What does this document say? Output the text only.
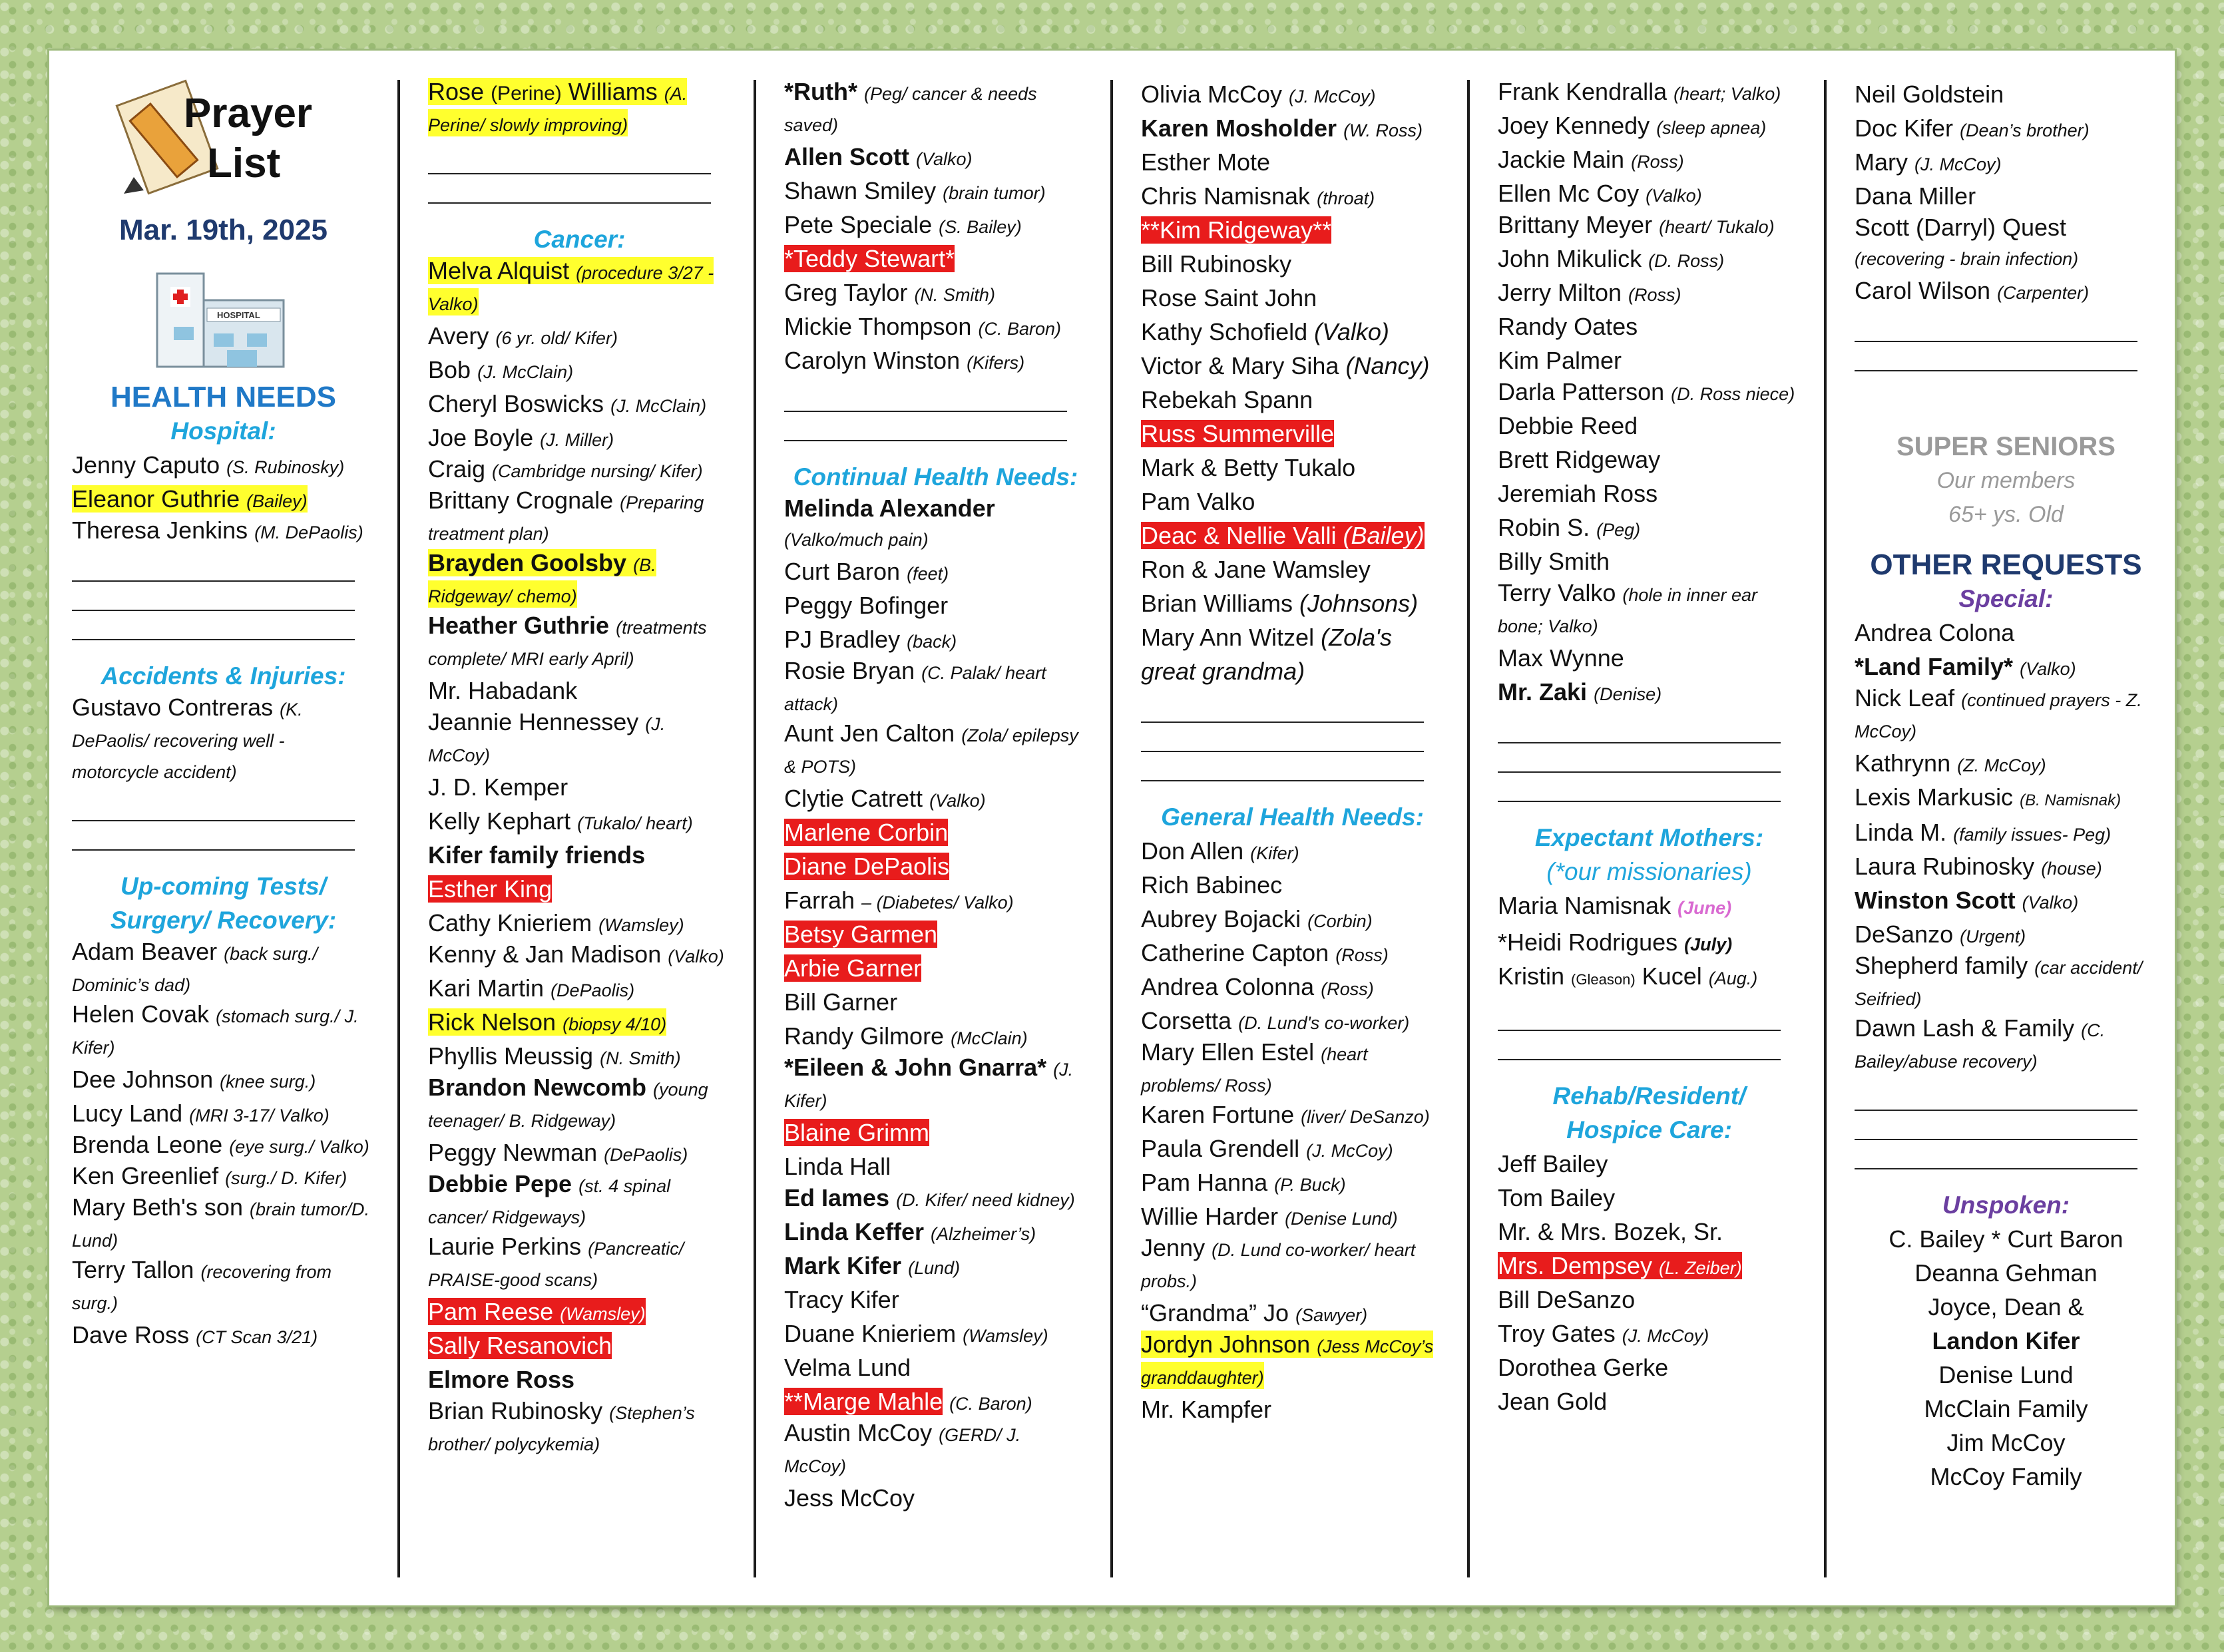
Prayer
List
Mar. 19th, 2025
HOSPITAL
HEALTH NEEDS
Hospital:
Jenny Caputo (S. Rubinosky)
Eleanor Guthrie (Bailey)
Theresa Jenkins (M. DePaolis)
Accidents & Injuries:
Gustavo Contreras (K. DePaolis/ recovering well - motorcycle accident)
Up-coming Tests/
Surgery/ Recovery:
Adam Beaver (back surg./ Dominic’s dad)
Helen Covak (stomach surg./ J. Kifer)
Dee Johnson (knee surg.)
Lucy Land (MRI 3-17/ Valko)
Brenda Leone (eye surg./ Valko)
Ken Greenlief (surg./ D. Kifer)
Mary Beth's son (brain tumor/D. Lund)
Terry Tallon (recovering from surg.)
Dave Ross (CT Scan 3/21)
Rose (Perine) Williams (A. Perine/ slowly improving)
Cancer:
Melva Alquist (procedure 3/27 - Valko)
Avery (6 yr. old/ Kifer)
Bob (J. McClain)
Cheryl Boswicks (J. McClain)
Joe Boyle (J. Miller)
Craig (Cambridge nursing/ Kifer)
Brittany Crognale (Preparing treatment plan)
Brayden Goolsby (B. Ridgeway/ chemo)
Heather Guthrie (treatments complete/ MRI early April)
Mr. Habadank
Jeannie Hennessey (J. McCoy)
J. D. Kemper
Kelly Kephart (Tukalo/ heart)
Kifer family friends
Esther King
Cathy Knieriem (Wamsley)
Kenny & Jan Madison (Valko)
Kari Martin (DePaolis)
Rick Nelson (biopsy 4/10)
Phyllis Meussig (N. Smith)
Brandon Newcomb (young teenager/ B. Ridgeway)
Peggy Newman (DePaolis)
Debbie Pepe (st. 4 spinal cancer/ Ridgeways)
Laurie Perkins (Pancreatic/ PRAISE-good scans)
Pam Reese (Wamsley)
Sally Resanovich
Elmore Ross
Brian Rubinosky (Stephen’s brother/ polycykemia)
*Ruth* (Peg/ cancer & needs saved)
Allen Scott (Valko)
Shawn Smiley (brain tumor)
Pete Speciale (S. Bailey)
*Teddy Stewart*
Greg Taylor (N. Smith)
Mickie Thompson (C. Baron)
Carolyn Winston (Kifers)
Continual Health Needs:
Melinda Alexander (Valko/much pain)
Curt Baron (feet)
Peggy Bofinger
PJ Bradley (back)
Rosie Bryan (C. Palak/ heart attack)
Aunt Jen Calton (Zola/ epilepsy & POTS)
Clytie Catrett (Valko)
Marlene Corbin
Diane DePaolis
Farrah – (Diabetes/ Valko)
Betsy Garmen
Arbie Garner
Bill Garner
Randy Gilmore (McClain)
*Eileen & John Gnarra* (J. Kifer)
Blaine Grimm
Linda Hall
Ed Iames (D. Kifer/ need kidney)
Linda Keffer (Alzheimer’s)
Mark Kifer (Lund)
Tracy Kifer
Duane Knieriem (Wamsley)
Velma Lund
**Marge Mahle (C. Baron)
Austin McCoy (GERD/ J. McCoy)
Jess McCoy
Olivia McCoy (J. McCoy)
Karen Mosholder (W. Ross)
Esther Mote
Chris Namisnak (throat)
**Kim Ridgeway**
Bill Rubinosky
Rose Saint John
Kathy Schofield (Valko)
Victor & Mary Siha (Nancy)
Rebekah Spann
Russ Summerville
Mark & Betty Tukalo
Pam Valko
Deac & Nellie Valli (Bailey)
Ron & Jane Wamsley
Brian Williams (Johnsons)
Mary Ann Witzel (Zola's great grandma)
General Health Needs:
Don Allen (Kifer)
Rich Babinec
Aubrey Bojacki (Corbin)
Catherine Capton (Ross)
Andrea Colonna (Ross)
Corsetta (D. Lund's co-worker)
Mary Ellen Estel (heart problems/ Ross)
Karen Fortune (liver/ DeSanzo)
Paula Grendell (J. McCoy)
Pam Hanna (P. Buck)
Willie Harder (Denise Lund)
Jenny (D. Lund co-worker/ heart probs.)
“Grandma” Jo (Sawyer)
Jordyn Johnson (Jess McCoy’s granddaughter)
Mr. Kampfer
Frank Kendralla (heart; Valko)
Joey Kennedy (sleep apnea)
Jackie Main (Ross)
Ellen Mc Coy (Valko)
Brittany Meyer (heart/ Tukalo)
John Mikulick (D. Ross)
Jerry Milton (Ross)
Randy Oates
Kim Palmer
Darla Patterson (D. Ross niece)
Debbie Reed
Brett Ridgeway
Jeremiah Ross
Robin S. (Peg)
Billy Smith
Terry Valko (hole in inner ear bone; Valko)
Max Wynne
Mr. Zaki (Denise)
Expectant Mothers:
(*our missionaries)
Maria Namisnak (June)
*Heidi Rodrigues (July)
Kristin (Gleason) Kucel (Aug.)
Rehab/Resident/
Hospice Care:
Jeff Bailey
Tom Bailey
Mr. & Mrs. Bozek, Sr.
Mrs. Dempsey (L. Zeiber)
Bill DeSanzo
Troy Gates (J. McCoy)
Dorothea Gerke
Jean Gold
Neil Goldstein
Doc Kifer (Dean’s brother)
Mary (J. McCoy)
Dana Miller
Scott (Darryl) Quest (recovering - brain infection)
Carol Wilson (Carpenter)
SUPER SENIORS
Our members
65+ ys. Old
OTHER REQUESTS
Special:
Andrea Colona
*Land Family* (Valko)
Nick Leaf (continued prayers - Z. McCoy)
Kathrynn (Z. McCoy)
Lexis Markusic (B. Namisnak)
Linda M. (family issues- Peg)
Laura Rubinosky (house)
Winston Scott (Valko)
DeSanzo (Urgent)
Shepherd family (car accident/ Seifried)
Dawn Lash & Family (C. Bailey/abuse recovery)
Unspoken:
C. Bailey * Curt Baron
Deanna Gehman
Joyce, Dean &
Landon Kifer
Denise Lund
McClain Family
Jim McCoy
McCoy Family
